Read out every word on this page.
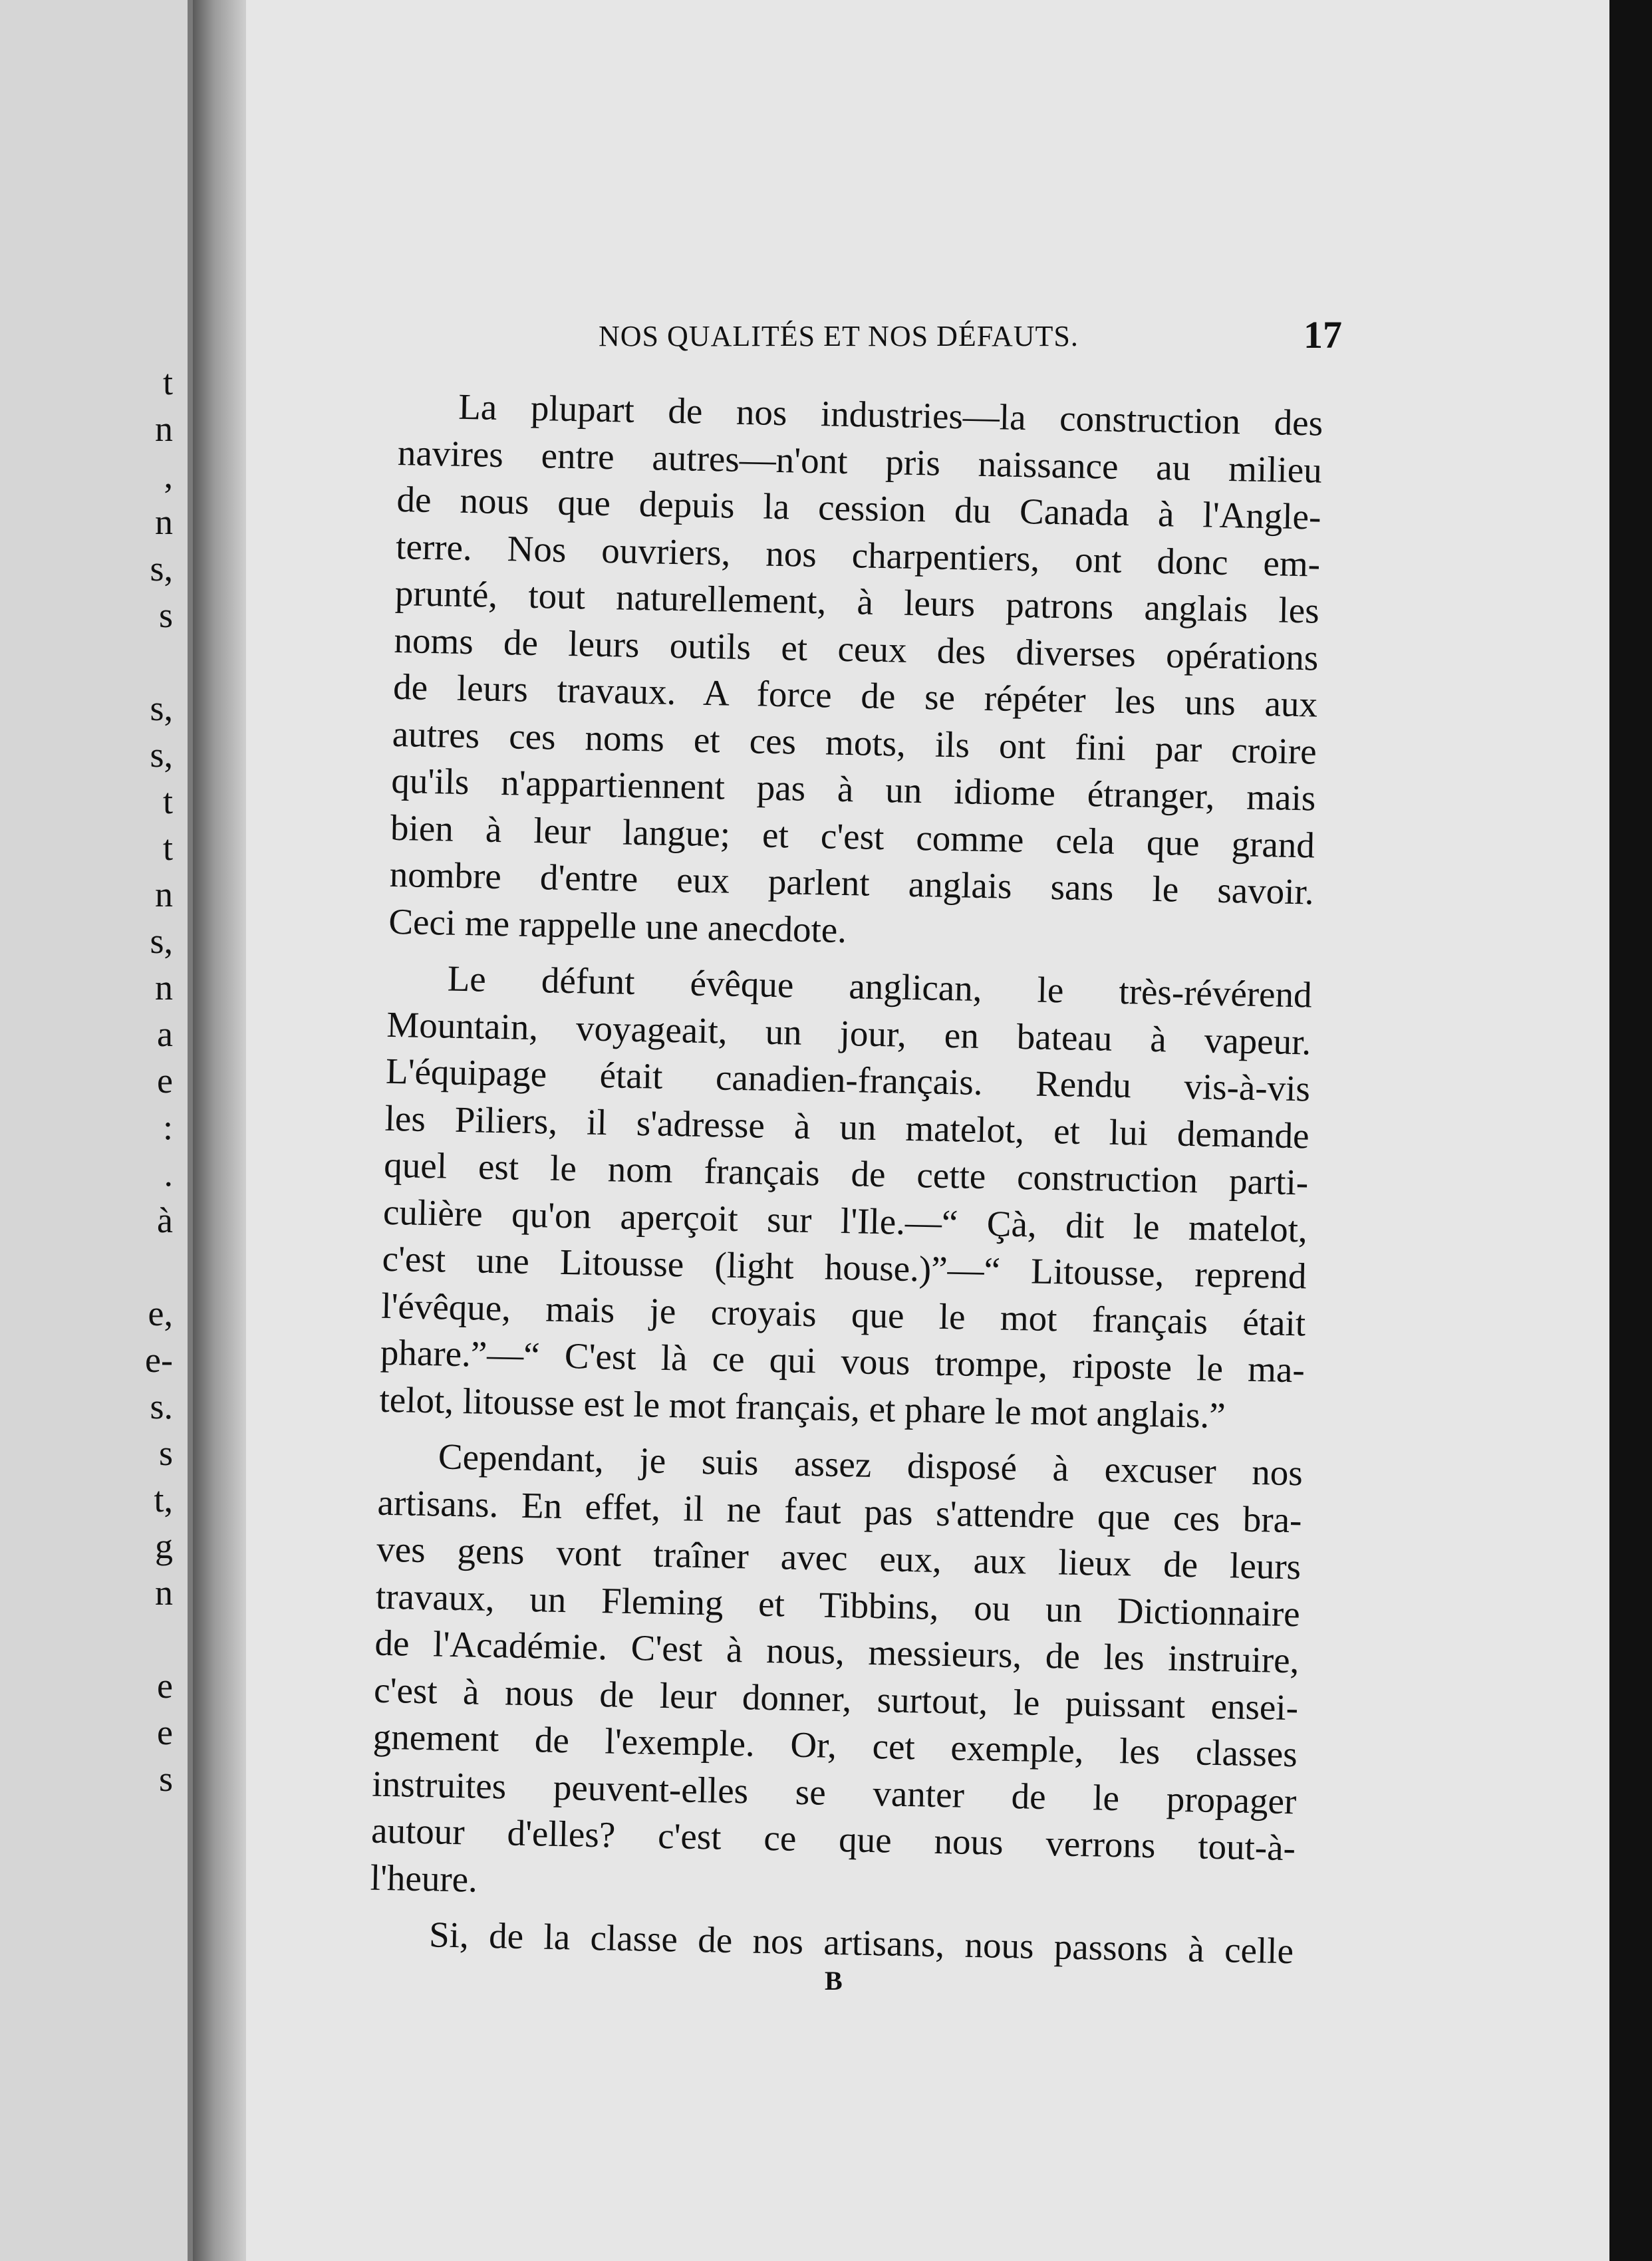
t
n
,
n
s,
s

s,
s,
t
t
n
s,
n
a
e
:
.
à

e,
e-
s.
s
t,
g
n

e
e
s
NOS QUALITÉS ET NOS DÉFAUTS.	17

La plupart de nos industries—la construction des
navires entre autres—n'ont pris naissance au milieu
de nous que depuis la cession du Canada à l'Angle-
terre. Nos ouvriers, nos charpentiers, ont donc em-
prunté, tout naturellement, à leurs patrons anglais les
noms de leurs outils et ceux des diverses opérations
de leurs travaux. A force de se répéter les uns aux
autres ces noms et ces mots, ils ont fini par croire
qu'ils n'appartiennent pas à un idiome étranger, mais
bien à leur langue; et c'est comme cela que grand
nombre d'entre eux parlent anglais sans le savoir.
Ceci me rappelle une anecdote.

Le défunt évêque anglican, le très-révérend
Mountain, voyageait, un jour, en bateau à vapeur.
L'équipage était canadien-français. Rendu vis-à-vis
les Piliers, il s'adresse à un matelot, et lui demande
quel est le nom français de cette construction parti-
culière qu'on aperçoit sur l'Ile.—“ Çà, dit le matelot,
c'est une Litousse (light house.)”—“ Litousse, reprend
l'évêque, mais je croyais que le mot français était
phare.”—“ C'est là ce qui vous trompe, riposte le ma-
telot, litousse est le mot français, et phare le mot anglais.”

Cependant, je suis assez disposé à excuser nos
artisans. En effet, il ne faut pas s'attendre que ces bra-
ves gens vont traîner avec eux, aux lieux de leurs
travaux, un Fleming et Tibbins, ou un Dictionnaire
de l'Académie. C'est à nous, messieurs, de les instruire,
c'est à nous de leur donner, surtout, le puissant ensei-
gnement de l'exemple. Or, cet exemple, les classes
instruites peuvent-elles se vanter de le propager
autour d'elles? c'est ce que nous verrons tout-à-
l'heure.

Si, de la classe de nos artisans, nous passons à celle

B
